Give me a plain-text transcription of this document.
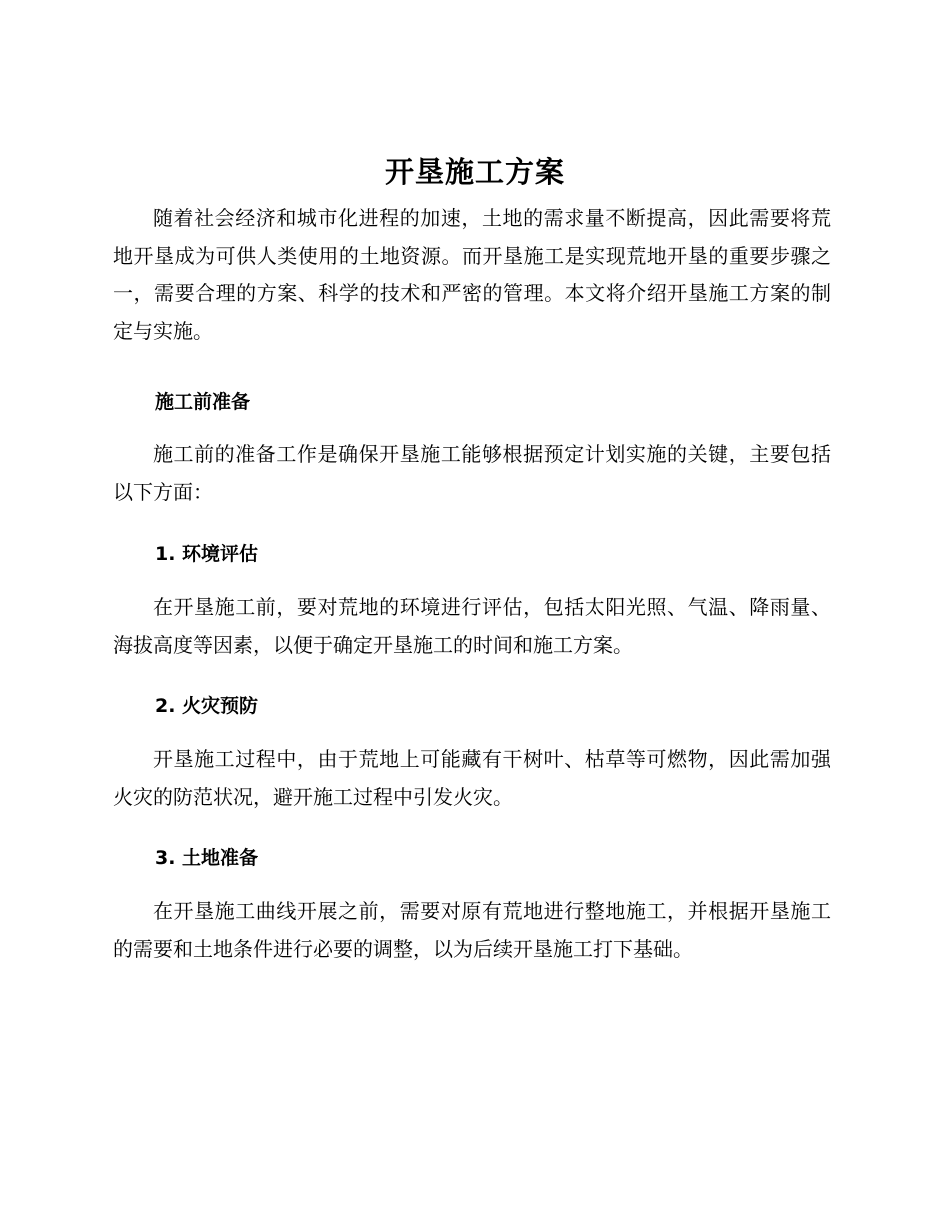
开垦施工方案

随着社会经济和城市化进程的加速，土地的需求量不断提高，因此需要将荒地开垦成为可供人类使用的土地资源。而开垦施工是实现荒地开垦的重要步骤之一，需要合理的方案、科学的技术和严密的管理。本文将介绍开垦施工方案的制定与实施。

施工前准备

施工前的准备工作是确保开垦施工能够根据预定计划实施的关键，主要包括以下方面：

1. 环境评估

在开垦施工前，要对荒地的环境进行评估，包括太阳光照、气温、降雨量、海拔高度等因素，以便于确定开垦施工的时间和施工方案。

2. 火灾预防

开垦施工过程中，由于荒地上可能藏有干树叶、枯草等可燃物，因此需加强火灾的防范状况，避开施工过程中引发火灾。

3. 土地准备

在开垦施工曲线开展之前，需要对原有荒地进行整地施工，并根据开垦施工的需要和土地条件进行必要的调整，以为后续开垦施工打下基础。
